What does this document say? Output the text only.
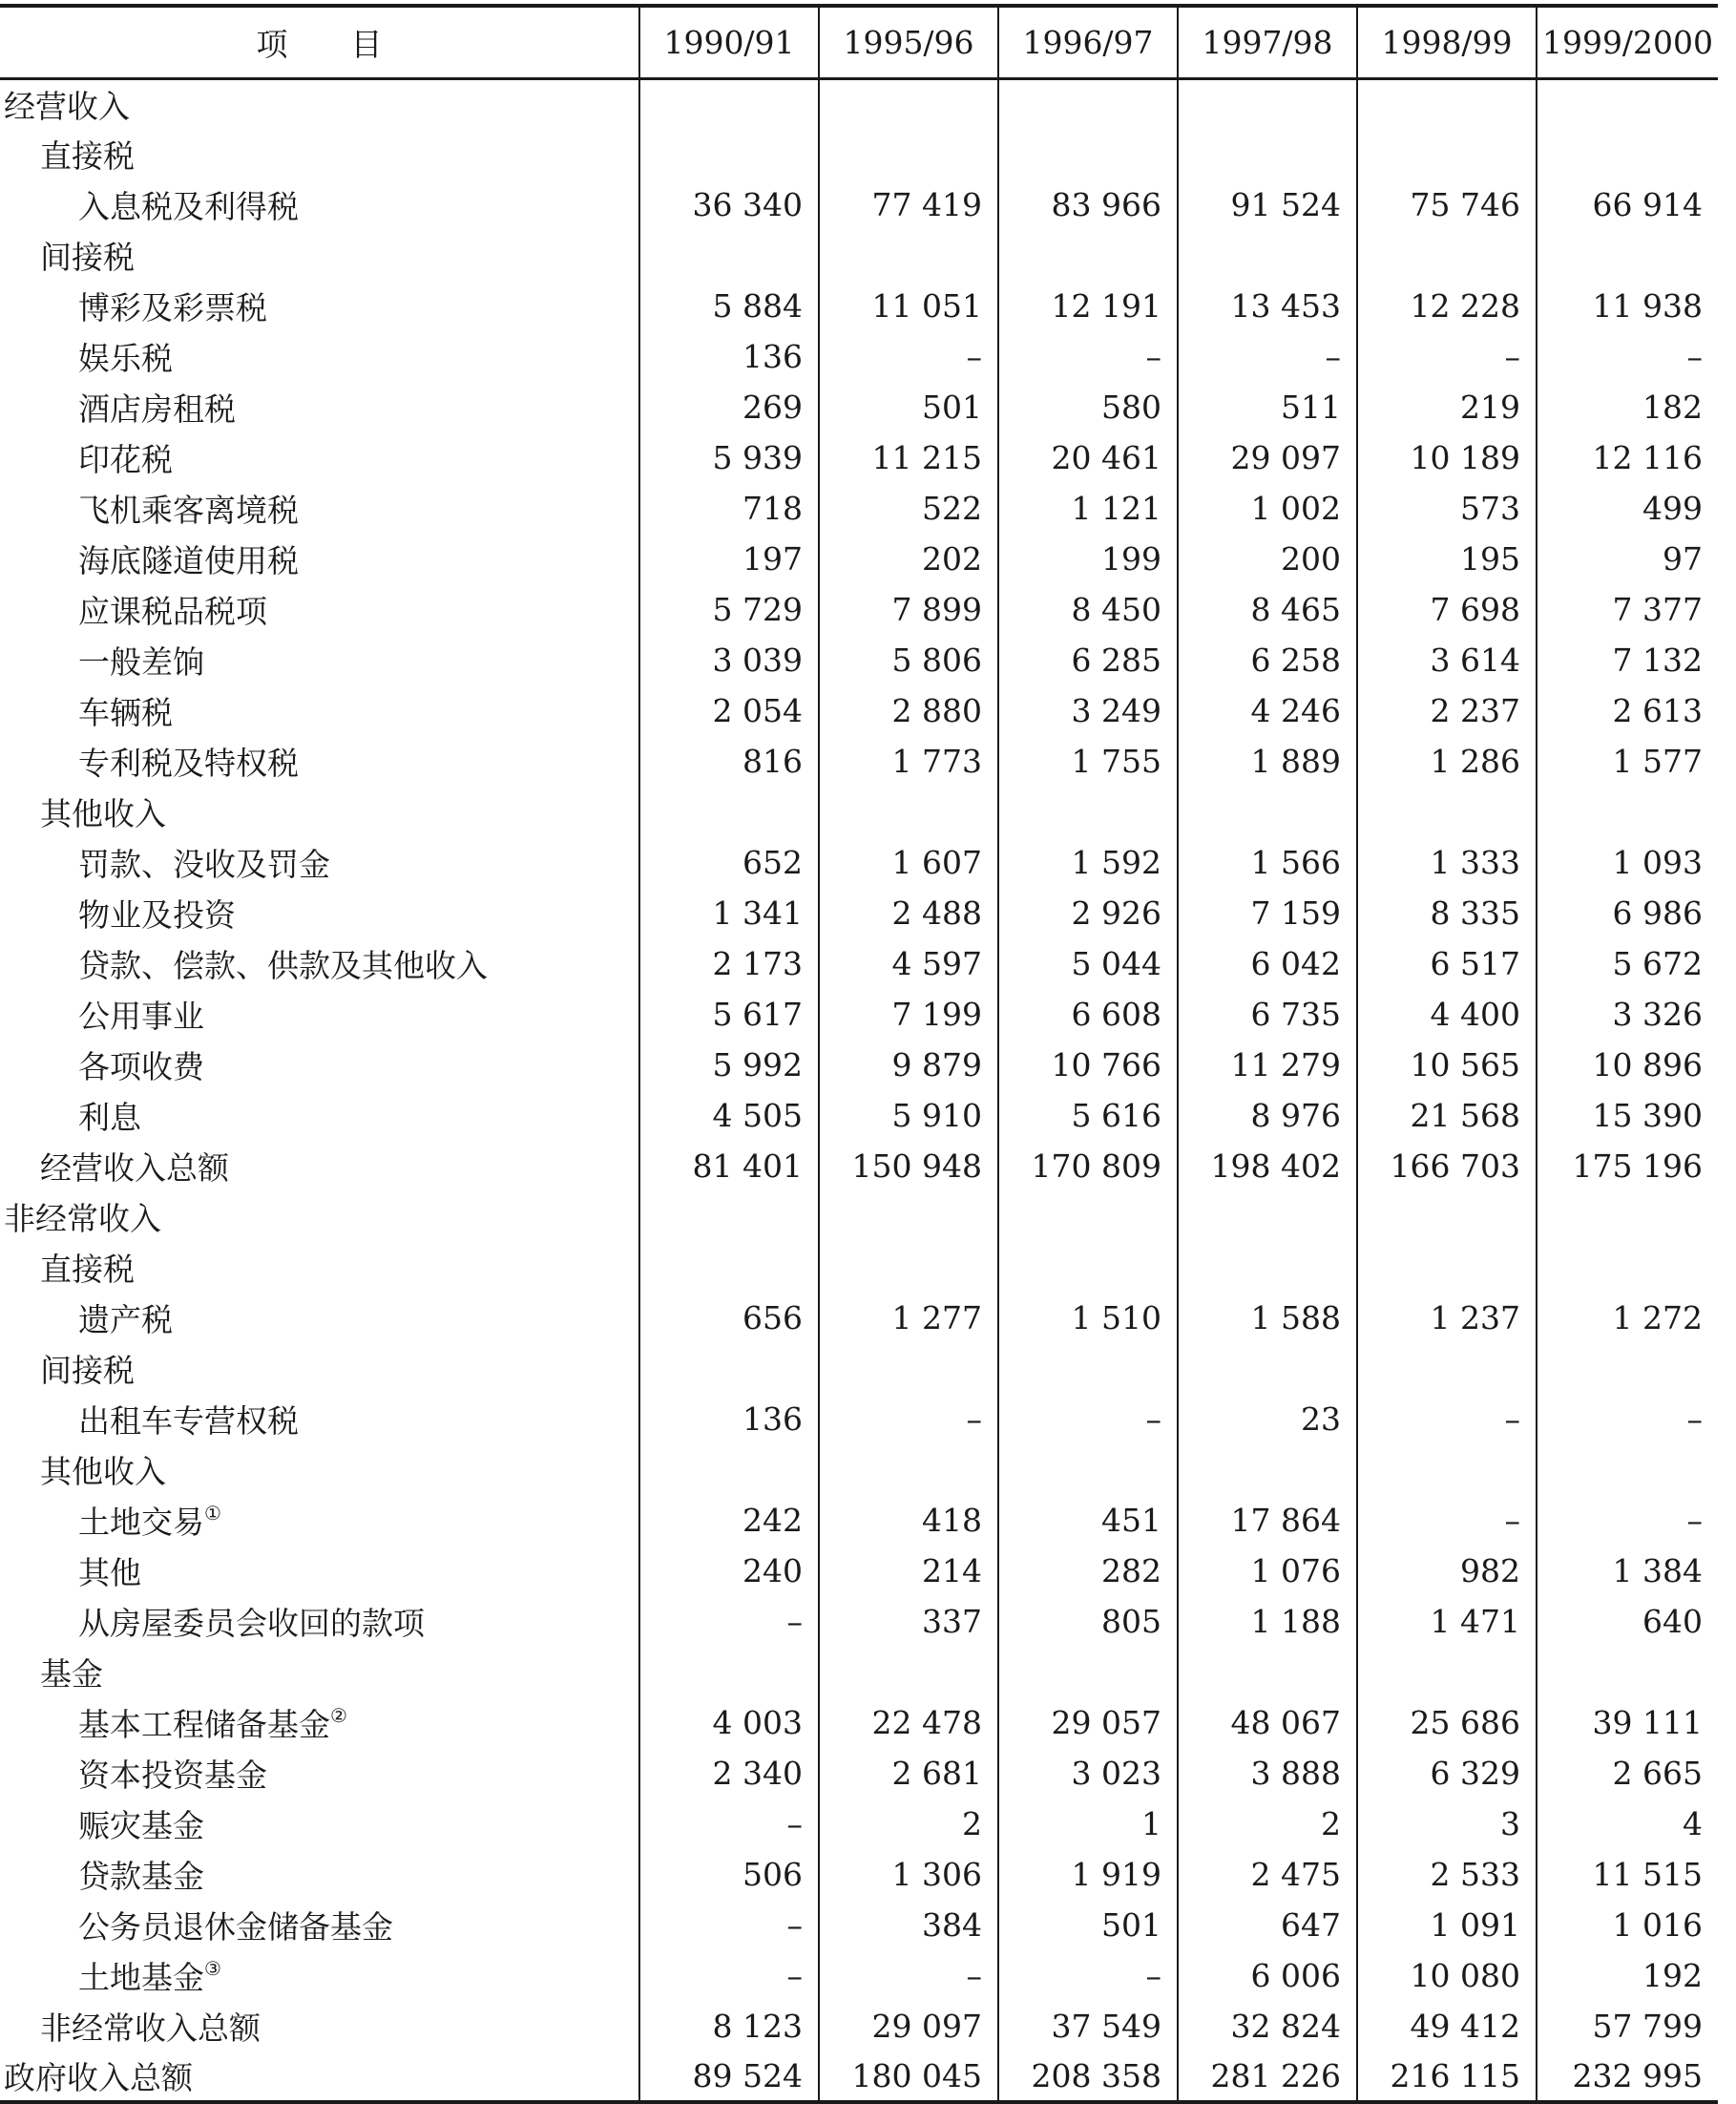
项　　目	1990/91	1995/96	1996/97	1997/98	1998/99	1999/2000
经营收入						
直接税						
入息税及利得税	36 340	77 419	83 966	91 524	75 746	66 914
间接税						
博彩及彩票税	5 884	11 051	12 191	13 453	12 228	11 938
娱乐税	136	–	–	–	–	–
酒店房租税	269	501	580	511	219	182
印花税	5 939	11 215	20 461	29 097	10 189	12 116
飞机乘客离境税	718	522	1 121	1 002	573	499
海底隧道使用税	197	202	199	200	195	97
应课税品税项	5 729	7 899	8 450	8 465	7 698	7 377
一般差饷	3 039	5 806	6 285	6 258	3 614	7 132
车辆税	2 054	2 880	3 249	4 246	2 237	2 613
专利税及特权税	816	1 773	1 755	1 889	1 286	1 577
其他收入						
罚款、没收及罚金	652	1 607	1 592	1 566	1 333	1 093
物业及投资	1 341	2 488	2 926	7 159	8 335	6 986
贷款、偿款、供款及其他收入	2 173	4 597	5 044	6 042	6 517	5 672
公用事业	5 617	7 199	6 608	6 735	4 400	3 326
各项收费	5 992	9 879	10 766	11 279	10 565	10 896
利息	4 505	5 910	5 616	8 976	21 568	15 390
经营收入总额	81 401	150 948	170 809	198 402	166 703	175 196
非经常收入						
直接税						
遗产税	656	1 277	1 510	1 588	1 237	1 272
间接税						
出租车专营权税	136	–	–	23	–	–
其他收入						
土地交易①	242	418	451	17 864	–	–
其他	240	214	282	1 076	982	1 384
从房屋委员会收回的款项	–	337	805	1 188	1 471	640
基金						
基本工程储备基金②	4 003	22 478	29 057	48 067	25 686	39 111
资本投资基金	2 340	2 681	3 023	3 888	6 329	2 665
赈灾基金	–	2	1	2	3	4
贷款基金	506	1 306	1 919	2 475	2 533	11 515
公务员退休金储备基金	–	384	501	647	1 091	1 016
土地基金③	–	–	–	6 006	10 080	192
非经常收入总额	8 123	29 097	37 549	32 824	49 412	57 799
政府收入总额	89 524	180 045	208 358	281 226	216 115	232 995
